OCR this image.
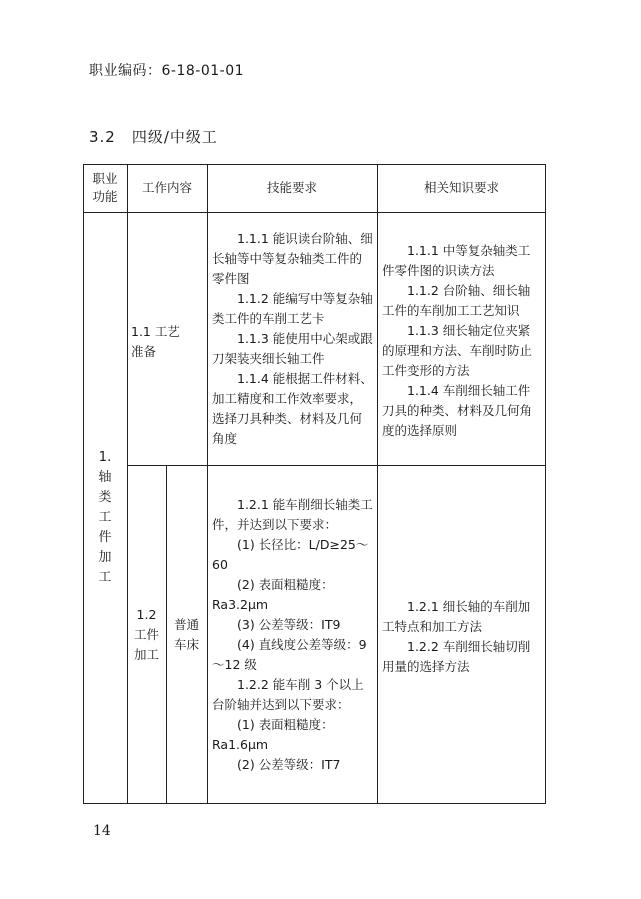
职业编码：6-18-01-01
3.2　四级/中级工
职业
功能
工作内容	技能要求	相关知识要求
1.
轴
类
工
件
加
工
1.1 工艺
准备

1.1.1 能识读台阶轴、细长轴等中等复杂轴类工件的零件图

1.1.2 能编写中等复杂轴类工件的车削工艺卡

1.1.3 能使用中心架或跟刀架装夹细长轴工件

1.1.4 能根据工件材料、加工精度和工作效率要求，选择刀具种类、材料及几何角度

1.1.1 中等复杂轴类工件零件图的识读方法

1.1.2 台阶轴、细长轴工件的车削加工工艺知识

1.1.3 细长轴定位夹紧的原理和方法、车削时防止工件变形的方法

1.1.4 车削细长轴工件刀具的种类、材料及几何角度的选择原则

1.2
工件
加工
普通
车床

1.2.1 能车削细长轴类工件，并达到以下要求：

(1) 长径比：L/D≥25～60

(2) 表面粗糙度：Ra3.2μm

(3) 公差等级：IT9

(4) 直线度公差等级：9～12 级

1.2.2 能车削 3 个以上台阶轴并达到以下要求：

(1) 表面粗糙度：Ra1.6μm

(2) 公差等级：IT7

1.2.1 细长轴的车削加工特点和加工方法

1.2.2 车削细长轴切削用量的选择方法

14
